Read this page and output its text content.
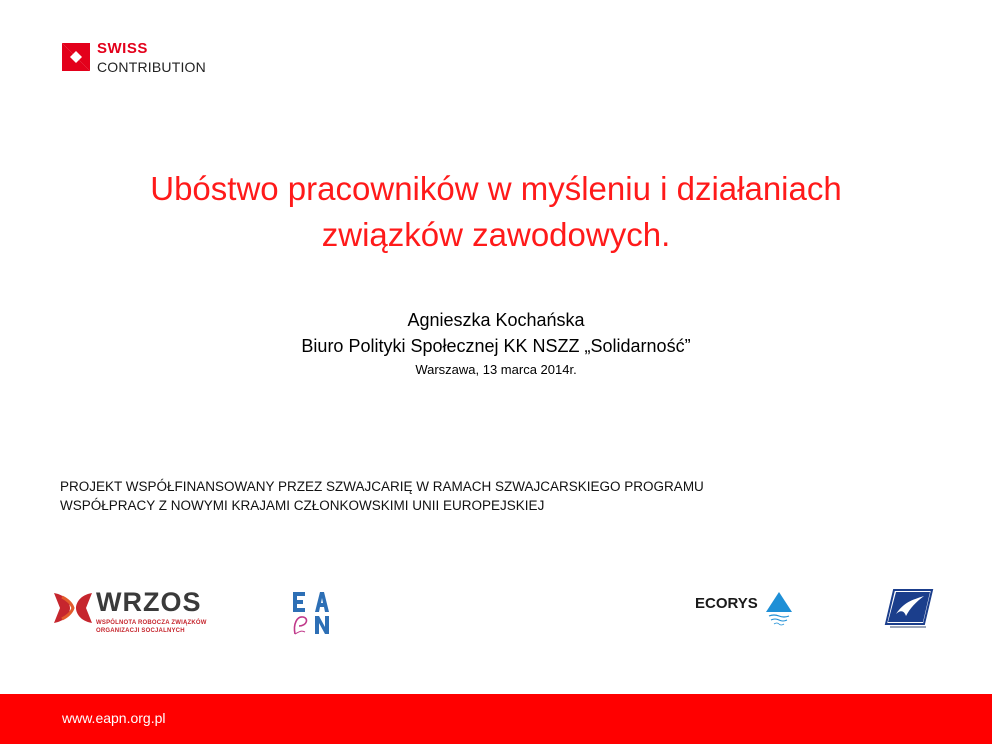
SWISS
CONTRIBUTION
Ubóstwo pracowników w myśleniu i działaniach
związków zawodowych.
Agnieszka Kochańska
Biuro Polityki Społecznej KK NSZZ „Solidarność”
Warszawa, 13 marca 2014r.
PROJEKT WSPÓŁFINANSOWANY PRZEZ SZWAJCARIĘ W RAMACH SZWAJCARSKIEGO PROGRAMU
WSPÓŁPRACY Z NOWYMI KRAJAMI CZŁONKOWSKIMI UNII EUROPEJSKIEJ
WRZOS
WSPÓLNOTA ROBOCZA ZWIĄZKÓW
ORGANIZACJI SOCJALNYCH
ECORYS
www.eapn.org.pl
